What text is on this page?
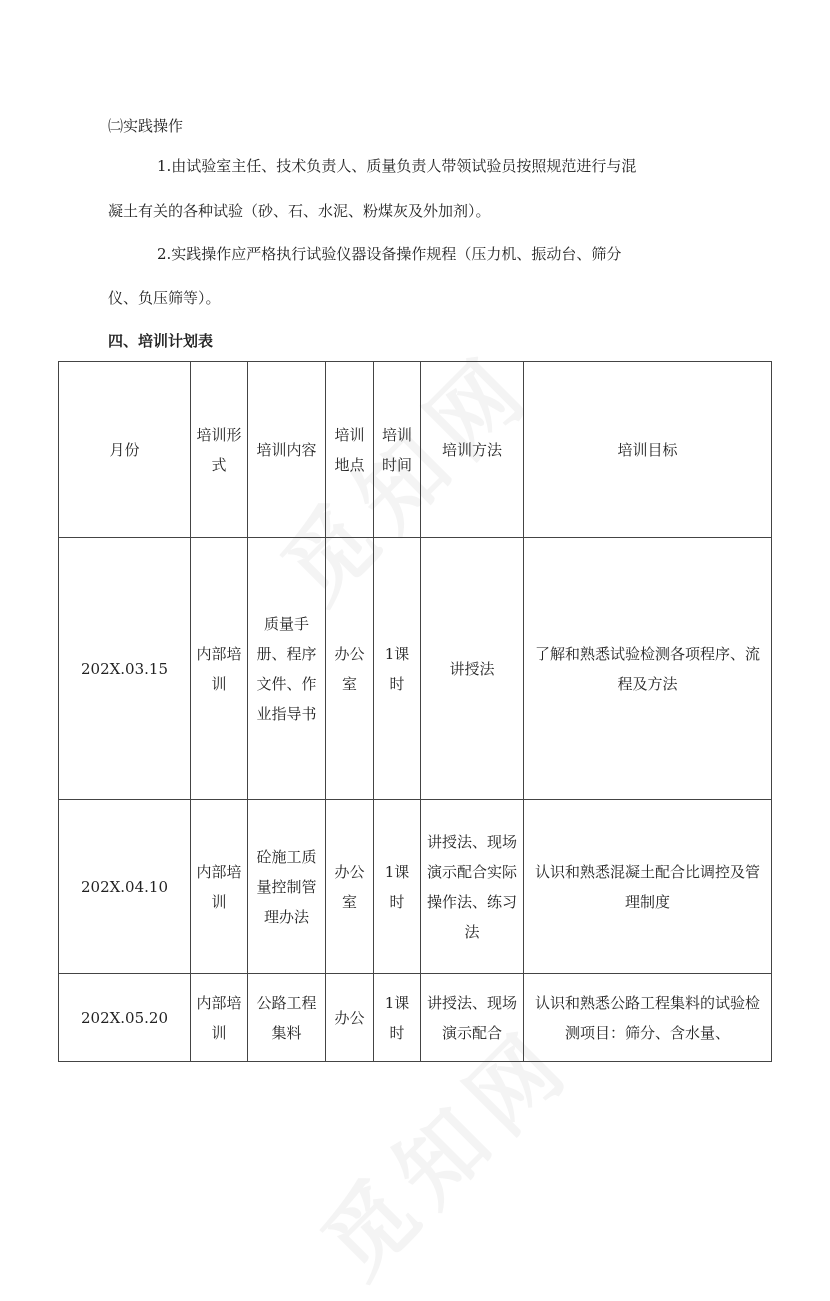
㈡实践操作

1.由试验室主任、技术负责人、质量负责人带领试验员按照规范进行与混

凝土有关的各种试验（砂、石、水泥、粉煤灰及外加剂）。

2.实践操作应严格执行试验仪器设备操作规程（压力机、振动台、筛分

仪、负压筛等）。

四、培训计划表

月份	培训形式	培训内容	培训地点	培训时间	培训方法	培训目标
202X.03.15	内部培训	质量手册、程序文件、作业指导书	办公室	1课时	讲授法	了解和熟悉试验检测各项程序、流程及方法
202X.04.10	内部培训	砼施工质量控制管理办法	办公室	1课时	讲授法、现场演示配合实际操作法、练习法	认识和熟悉混凝土配合比调控及管理制度
202X.05.20	内部培训	公路工程集料	办公	1课时	讲授法、现场演示配合	认识和熟悉公路工程集料的试验检测项目：筛分、含水量、
